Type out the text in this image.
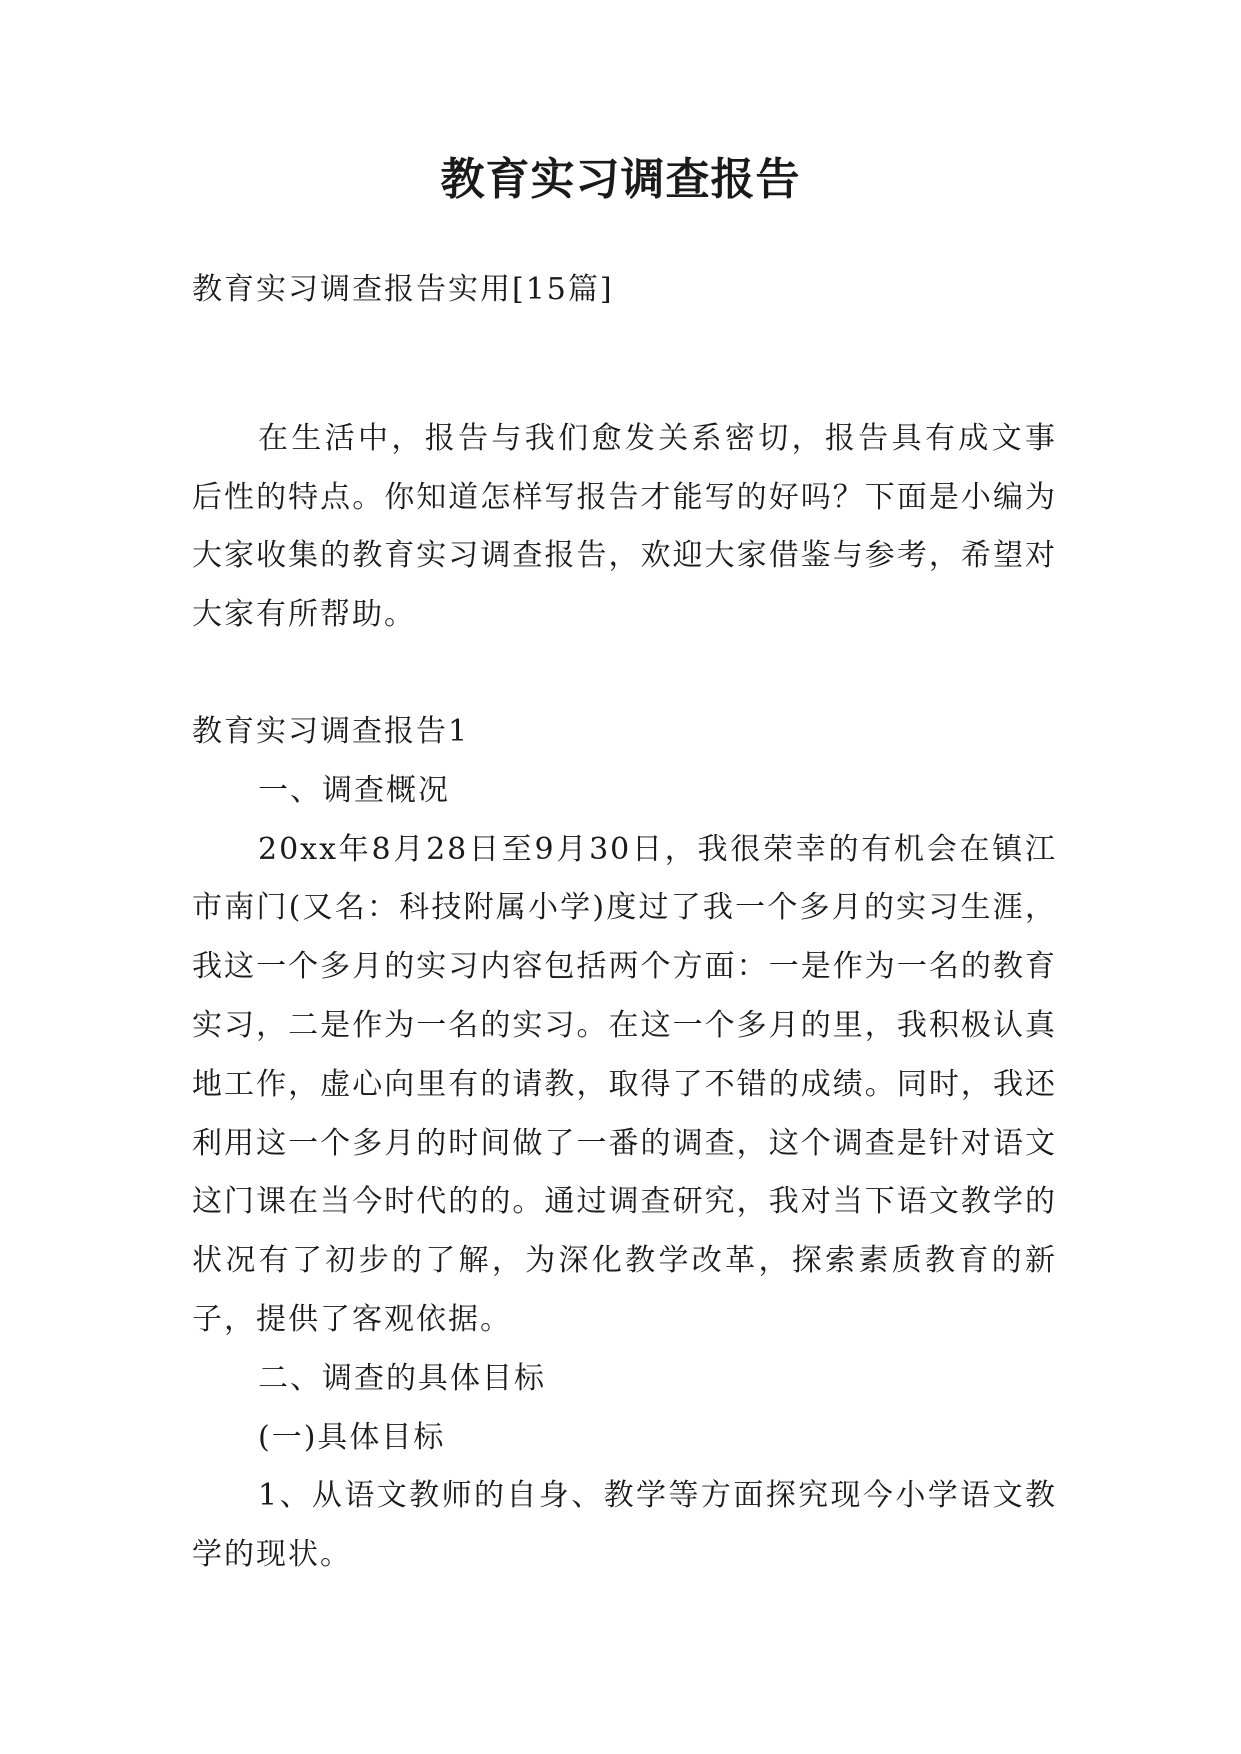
教育实习调查报告

教育实习调查报告实用[15篇]

在生活中，报告与我们愈发关系密切，报告具有成文事后性的特点。你知道怎样写报告才能写的好吗？下面是小编为大家收集的教育实习调查报告，欢迎大家借鉴与参考，希望对大家有所帮助。

教育实习调查报告1

一、调查概况

20xx年8月28日至9月30日，我很荣幸的有机会在镇江市南门(又名：科技附属小学)度过了我一个多月的实习生涯，我这一个多月的实习内容包括两个方面：一是作为一名的教育实习，二是作为一名的实习。在这一个多月的里，我积极认真地工作，虚心向里有的请教，取得了不错的成绩。同时，我还利用这一个多月的时间做了一番的调查，这个调查是针对语文这门课在当今时代的的。通过调查研究，我对当下语文教学的状况有了初步的了解，为深化教学改革，探索素质教育的新子，提供了客观依据。

二、调查的具体目标

(一)具体目标

1、从语文教师的自身、教学等方面探究现今小学语文教学的现状。
